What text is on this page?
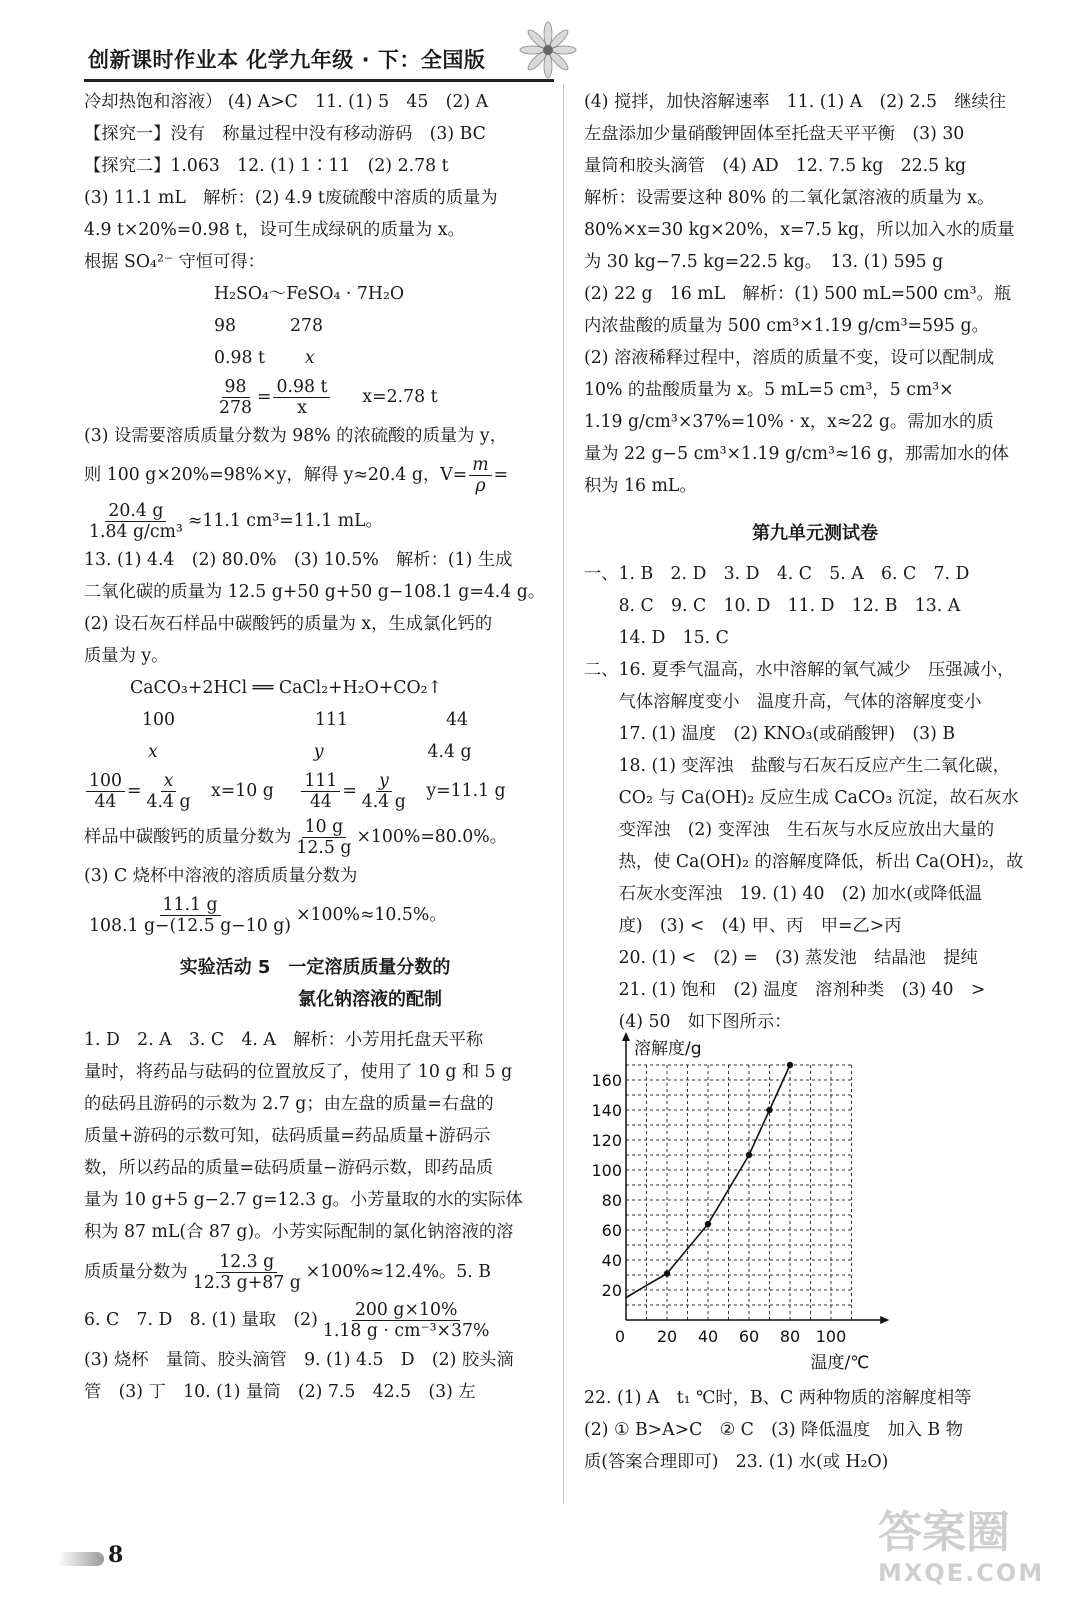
创新课时作业本 化学九年级 · 下：全国版

冷却热饱和溶液） (4) A>C　11. (1) 5　45　(2) A

【探究一】没有　称量过程中没有移动游码　(3) BC

【探究二】1.063　12. (1) 1∶11　(2) 2.78 t

(3) 11.1 mL　解析：(2) 4.9 t废硫酸中溶质的质量为

4.9 t×20%=0.98 t，设可生成绿矾的质量为 x。

根据 SO₄²⁻ 守恒可得：

H₂SO₄～FeSO₄ · 7H₂O

98	278

0.98 t x

$\frac{98}{278} = \frac{0.98 t}{x} x=2.78$ t

(3) 设需要溶质质量分数为 98% 的浓硫酸的质量为 y，

则 100 g×20%=98%×y，解得 y≈20.4 g，$V= \frac{m}{\rho}$ =

$\frac{20.4 g}{\text{1.84 g/cm³}} \approx 11.1$ cm³=11.1 mL。

13. (1) 4.4　(2) 80.0%　(3) 10.5%　解析：(1) 生成

二氧化碳的质量为 12.5 g+50 g+50 g−108.1 g=4.4 g。

(2) 设石灰石样品中碳酸钙的质量为 x，生成氯化钙的

质量为 y。

CaCO₃+2HCl ══ CaCl₂+H₂O+CO₂↑

100	111	44

x	y	4.4 g

$\frac{100}{44} = \frac{x}{4.4 g} x=10$ g $\frac{111}{44} = \frac{y}{4.4 g} y=11.1$ g

样品中碳酸钙的质量分数为 $\frac{10 g}{12.5 g} \times 100\%=80.0\%$。

(3) C 烧杯中溶液的溶质质量分数为

$\frac{11.1 g}{108.1 g-(12.5 g-10 g)} \times 100\%\approx 10.5\%$。

实验活动 5　一定溶质质量分数的

氯化钠溶液的配制

1. D　2. A　3. C　4. A　解析：小芳用托盘天平称

量时，将药品与砝码的位置放反了，使用了 10 g 和 5 g

的砝码且游码的示数为 2.7 g；由左盘的质量=右盘的

质量+游码的示数可知，砝码质量=药品质量+游码示

数，所以药品的质量=砝码质量−游码示数，即药品质

量为 10 g+5 g−2.7 g=12.3 g。小芳量取的水的实际体

积为 87 mL(合 87 g)。小芳实际配制的氯化钠溶液的溶

质质量分数为 $\frac{12.3 g}{12.3 g+87 g} \times 100\%\approx 12.4\%$。5. B

6. C　7. D　8. (1) 量取　$(2) \frac{200 g\times 10\%}{\text{1.18 g · cm⁻³×37\%}}$

(3) 烧杯　量筒、胶头滴管　9. (1) 4.5　D　(2) 胶头滴

管　(3) 丁　10. (1) 量筒　(2) 7.5　42.5　(3) 左

(4) 搅拌，加快溶解速率　11. (1) A　(2) 2.5　继续往

左盘添加少量硝酸钾固体至托盘天平平衡　(3) 30

量筒和胶头滴管　(4) AD　12. 7.5 kg　22.5 kg

解析：设需要这种 80% 的二氧化氯溶液的质量为 x。

80%×x=30 kg×20%，x=7.5 kg，所以加入水的质量

为 30 kg−7.5 kg=22.5 kg。　13. (1) 595 g

(2) 22 g　16 mL　解析：(1) 500 mL=500 cm³。瓶

内浓盐酸的质量为 500 cm³×1.19 g/cm³=595 g。

(2) 溶液稀释过程中，溶质的质量不变，设可以配制成

10% 的盐酸质量为 x。5 mL=5 cm³，5 cm³×

1.19 g/cm³×37%=10% · x，x≈22 g。需加水的质

量为 22 g−5 cm³×1.19 g/cm³≈16 g，那需加水的体

积为 16 mL。

第九单元测试卷

一、1. B　2. D　3. D　4. C　5. A　6. C　7. D

　　8. C　9. C　10. D　11. D　12. B　13. A

　　14. D　15. C

二、16. 夏季气温高，水中溶解的氧气减少　压强减小，

　　气体溶解度变小　温度升高，气体的溶解度变小

　　17. (1) 温度　(2) KNO₃(或硝酸钾)　(3) B

　　18. (1) 变浑浊　盐酸与石灰石反应产生二氧化碳，

　　CO₂ 与 Ca(OH)₂ 反应生成 CaCO₃ 沉淀，故石灰水

　　变浑浊　(2) 变浑浊　生石灰与水反应放出大量的

　　热，使 Ca(OH)₂ 的溶解度降低，析出 Ca(OH)₂，故

　　石灰水变浑浊　19. (1) 40　(2) 加水(或降低温

　　度)　(3) <　(4) 甲、丙　甲=乙>丙

　　20. (1) <　(2) =　(3) 蒸发池　结晶池　提纯

　　21. (1) 饱和　(2) 温度　溶剂种类　(3) 40　>

　　(4) 50　如下图所示：

20
40
60
80
100
120
140
160
0 20 40 60 80 100
溶解度/g
温度/℃

22. (1) A　t₁ ℃时，B、C 两种物质的溶解度相等

(2) ① B>A>C　② C　(3) 降低温度　加入 B 物

质(答案合理即可)　23. (1) 水(或 H₂O)

8	答案圈
MXQE.COM
